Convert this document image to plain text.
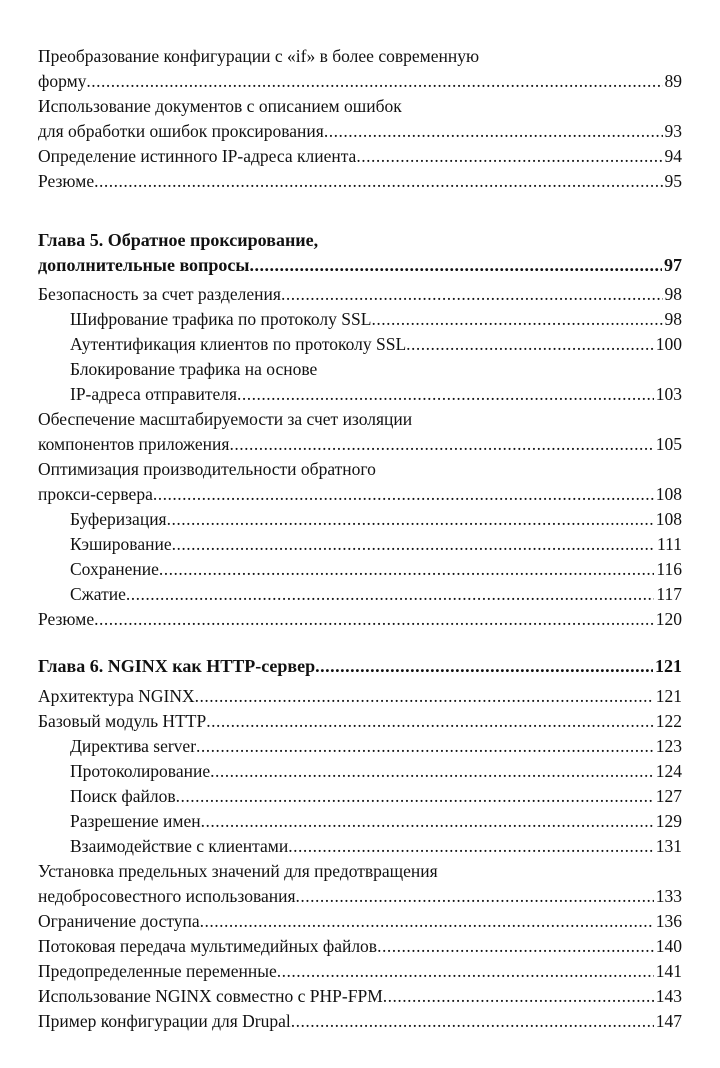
Преобразование конфигурации с «if» в более современную
форму .....	89
Использование документов с описанием ошибок
для обработки ошибок проксирования .....	93
Определение истинного IP-адреса клиента .....	94
Резюме .....	95
Глава 5. Обратное проксирование,
дополнительные вопросы .....	97
Безопасность за счет разделения .....	98
Шифрование трафика по протоколу SSL .....	98
Аутентификация клиентов по протоколу SSL .....	100
Блокирование трафика на основе
IP-адреса отправителя .....	103
Обеспечение масштабируемости за счет изоляции
компонентов приложения .....	105
Оптимизация производительности обратного
прокси-сервера .....	108
Буферизация .....	108
Кэширование .....	111
Сохранение .....	116
Сжатие .....	117
Резюме .....	120
Глава 6. NGINX как HTTP-сервер .....	121
Архитектура NGINX .....	121
Базовый модуль HTTP .....	122
Директива server .....	123
Протоколирование .....	124
Поиск файлов .....	127
Разрешение имен .....	129
Взаимодействие с клиентами .....	131
Установка предельных значений для предотвращения
недобросовестного использования .....	133
Ограничение доступа .....	136
Потоковая передача мультимедийных файлов .....	140
Предопределенные переменные .....	141
Использование NGINX совместно с PHP-FPM .....	143
Пример конфигурации для Drupal .....	147
